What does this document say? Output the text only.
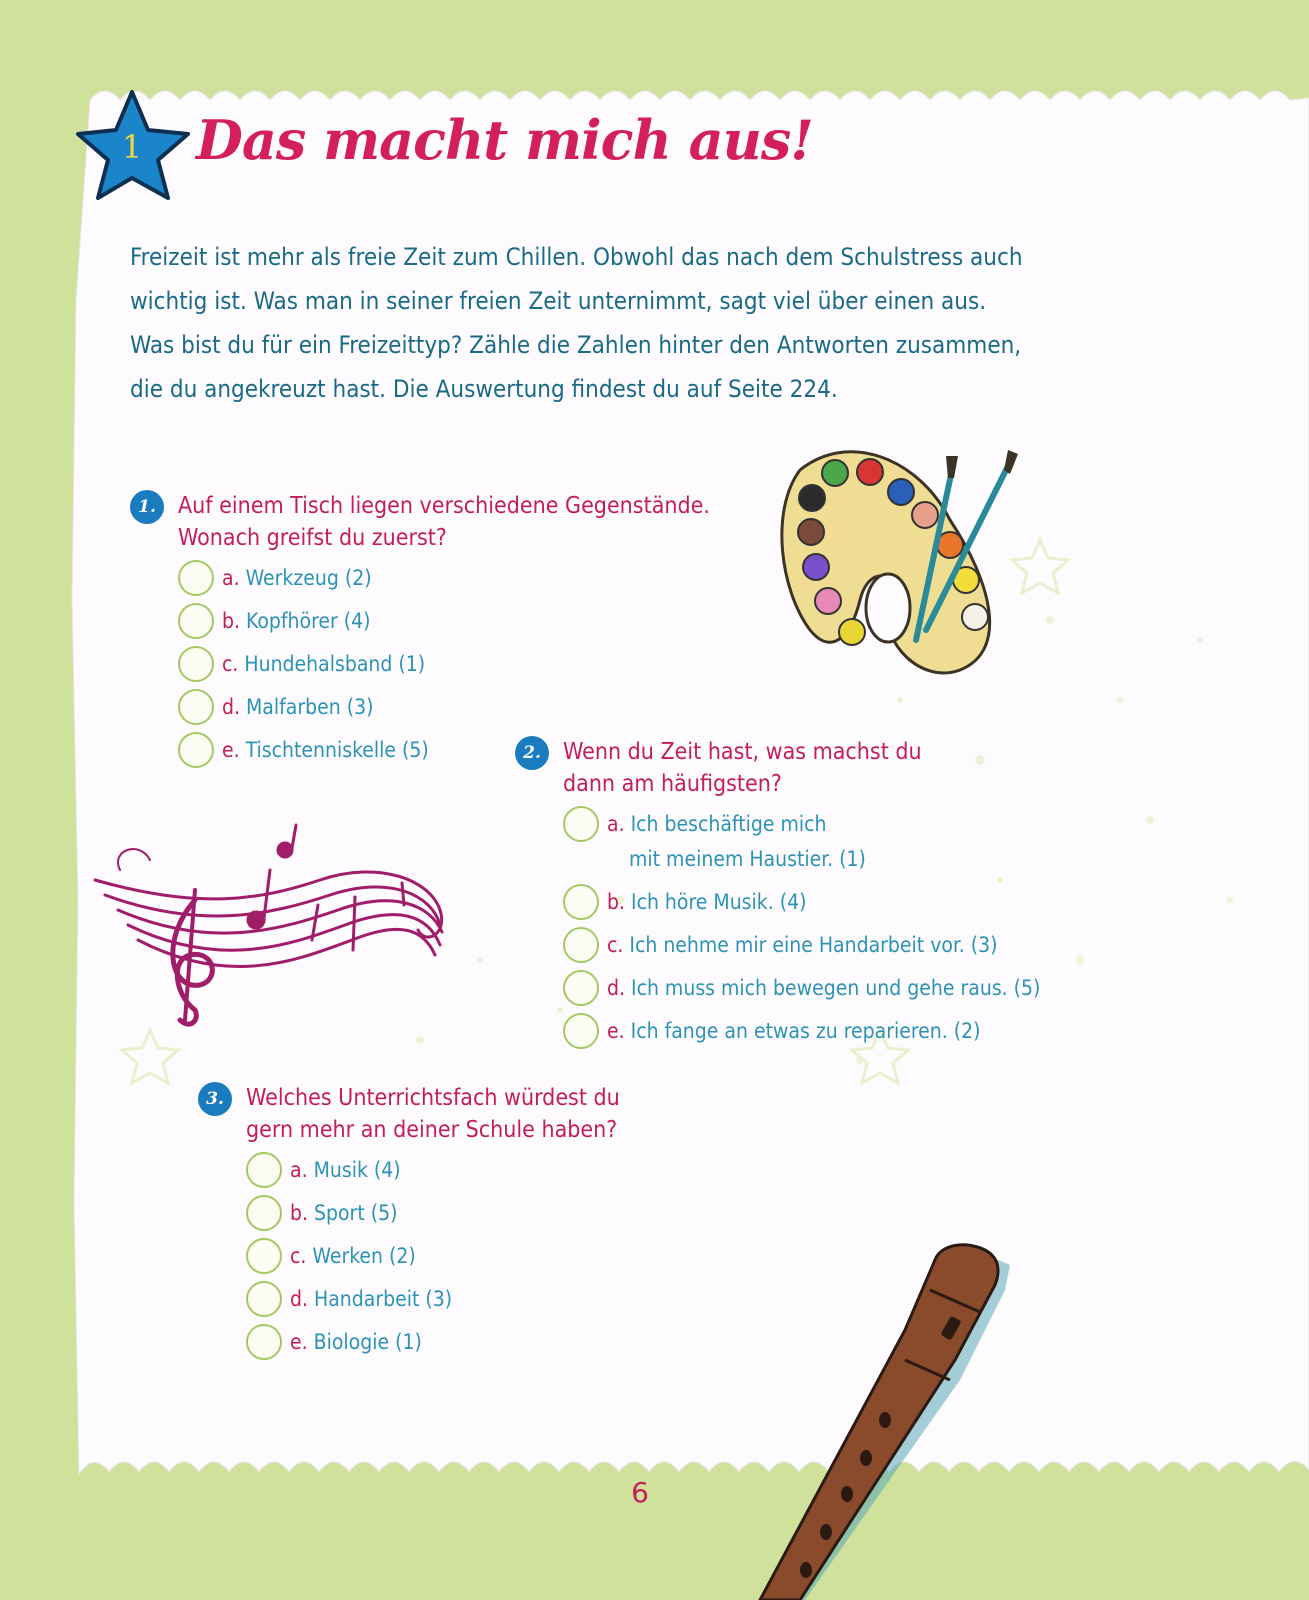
1 Das macht mich aus!
Freizeit ist mehr als freie Zeit zum Chillen. Obwohl das nach dem Schulstress auch
wichtig ist. Was man in seiner freien Zeit unternimmt, sagt viel über einen aus.
Was bist du für ein Freizeittyp? Zähle die Zahlen hinter den Antworten zusammen,
die du angekreuzt hast. Die Auswertung findest du auf Seite 224.
1. Auf einem Tisch liegen verschiedene Gegenstände.
Wonach greifst du zuerst?
a. Werkzeug (2)
b. Kopfhörer (4)
c. Hundehalsband (1)
d. Malfarben (3)
e. Tischtenniskelle (5)	2. Wenn du Zeit hast, was machst du
dann am häufigsten?
a. Ich beschäftige mich
mit meinem Haustier. (1)
b. Ich höre Musik. (4)
c. Ich nehme mir eine Handarbeit vor. (3)
d. Ich muss mich bewegen und gehe raus. (5)
e. Ich fange an etwas zu reparieren. (2)
3. Welches Unterrichtsfach würdest du
gern mehr an deiner Schule haben?
a. Musik (4)
b. Sport (5)
c. Werken (2)
d. Handarbeit (3)
e. Biologie (1)
6
